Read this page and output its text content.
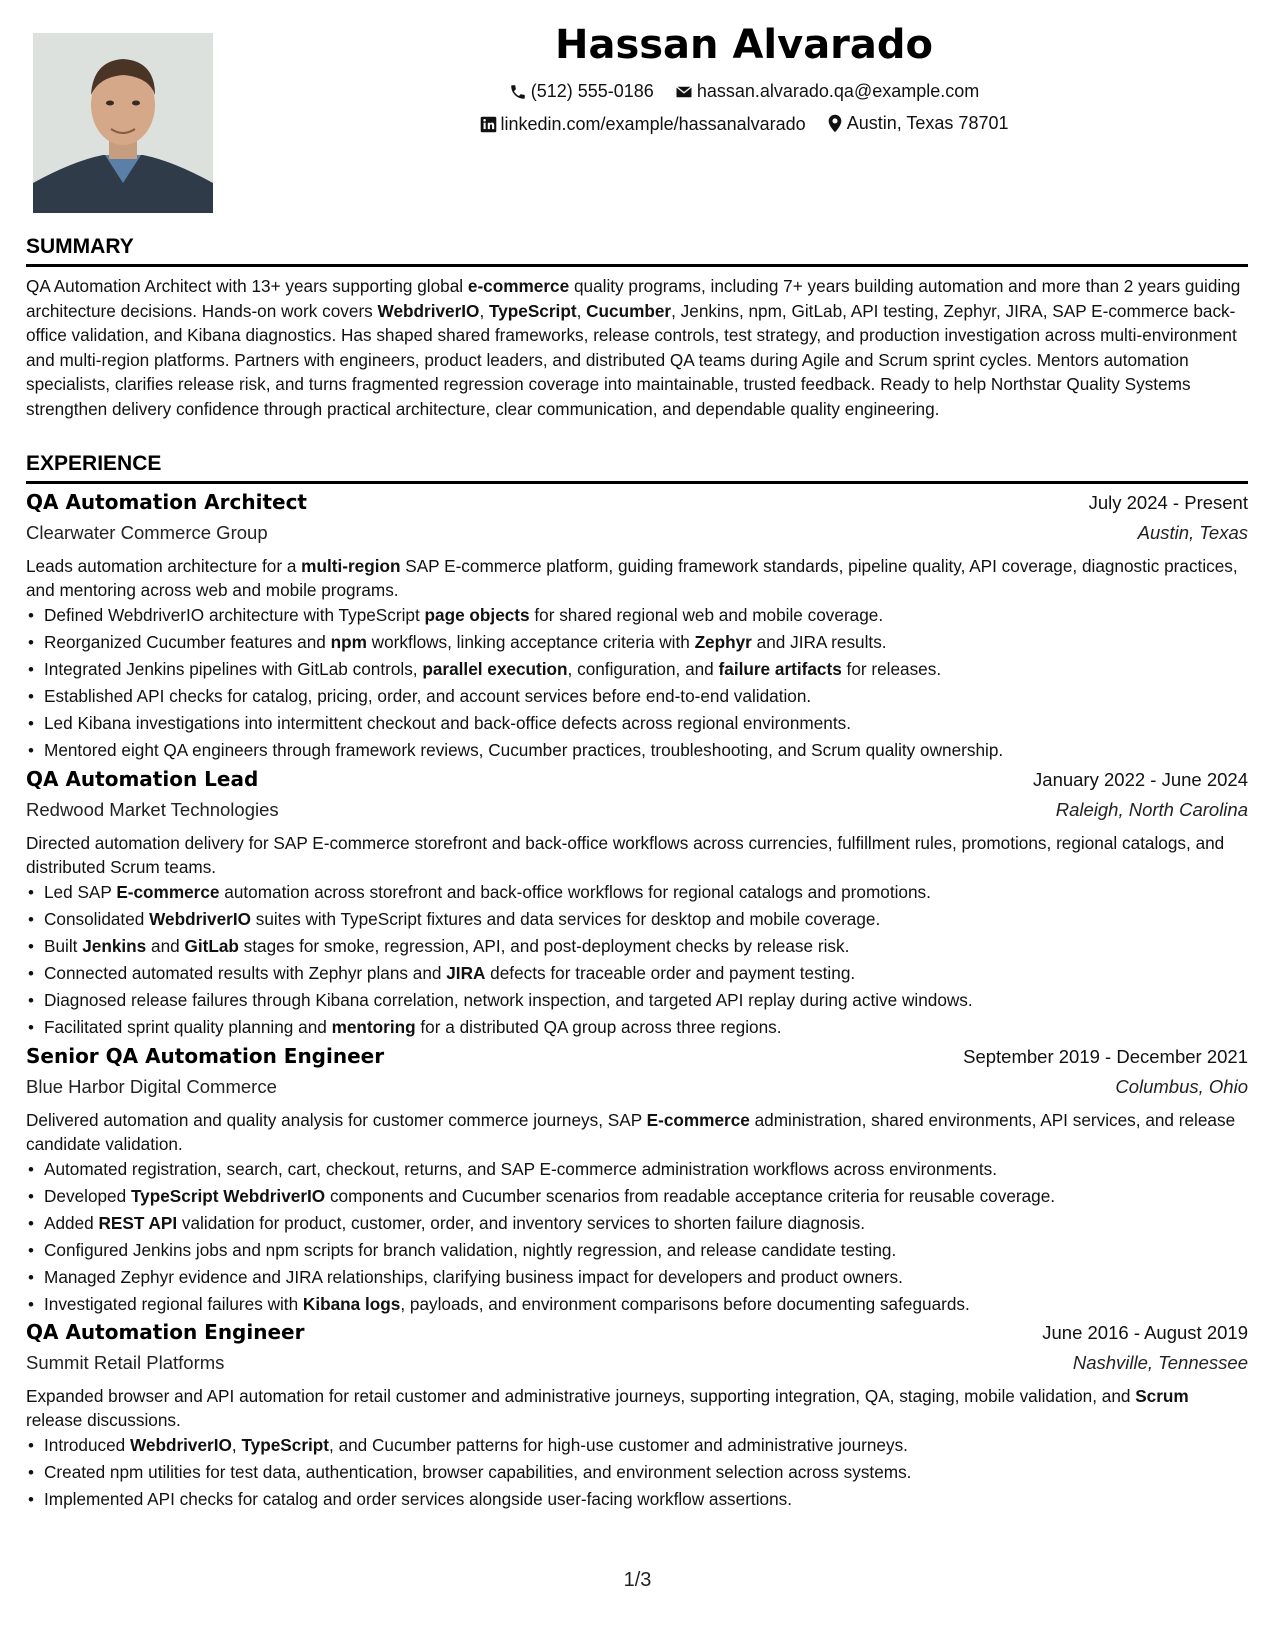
Hassan Alvarado
(512) 555-0186
hassan.alvarado.qa@example.com
linkedin.com/example/hassanalvarado
Austin, Texas 78701
SUMMARY
QA Automation Architect with 13+ years supporting global e-commerce quality programs, including 7+ years building automation and more than 2 years guiding architecture decisions. Hands-on work covers WebdriverIO, TypeScript, Cucumber, Jenkins, npm, GitLab, API testing, Zephyr, JIRA, SAP E-commerce back-office validation, and Kibana diagnostics. Has shaped shared frameworks, release controls, test strategy, and production investigation across multi-environment and multi-region platforms. Partners with engineers, product leaders, and distributed QA teams during Agile and Scrum sprint cycles. Mentors automation specialists, clarifies release risk, and turns fragmented regression coverage into maintainable, trusted feedback. Ready to help Northstar Quality Systems strengthen delivery confidence through practical architecture, clear communication, and dependable quality engineering.
EXPERIENCE
QA Automation Architect	July 2024 - Present
Clearwater Commerce Group	Austin, Texas
Leads automation architecture for a multi-region SAP E-commerce platform, guiding framework standards, pipeline quality, API coverage, diagnostic practices, and mentoring across web and mobile programs.
• Defined WebdriverIO architecture with TypeScript page objects for shared regional web and mobile coverage.
• Reorganized Cucumber features and npm workflows, linking acceptance criteria with Zephyr and JIRA results.
• Integrated Jenkins pipelines with GitLab controls, parallel execution, configuration, and failure artifacts for releases.
• Established API checks for catalog, pricing, order, and account services before end-to-end validation.
• Led Kibana investigations into intermittent checkout and back-office defects across regional environments.
• Mentored eight QA engineers through framework reviews, Cucumber practices, troubleshooting, and Scrum quality ownership.
QA Automation Lead	January 2022 - June 2024
Redwood Market Technologies	Raleigh, North Carolina
Directed automation delivery for SAP E-commerce storefront and back-office workflows across currencies, fulfillment rules, promotions, regional catalogs, and distributed Scrum teams.
• Led SAP E-commerce automation across storefront and back-office workflows for regional catalogs and promotions.
• Consolidated WebdriverIO suites with TypeScript fixtures and data services for desktop and mobile coverage.
• Built Jenkins and GitLab stages for smoke, regression, API, and post-deployment checks by release risk.
• Connected automated results with Zephyr plans and JIRA defects for traceable order and payment testing.
• Diagnosed release failures through Kibana correlation, network inspection, and targeted API replay during active windows.
• Facilitated sprint quality planning and mentoring for a distributed QA group across three regions.
Senior QA Automation Engineer	September 2019 - December 2021
Blue Harbor Digital Commerce	Columbus, Ohio
Delivered automation and quality analysis for customer commerce journeys, SAP E-commerce administration, shared environments, API services, and release candidate validation.
• Automated registration, search, cart, checkout, returns, and SAP E-commerce administration workflows across environments.
• Developed TypeScript WebdriverIO components and Cucumber scenarios from readable acceptance criteria for reusable coverage.
• Added REST API validation for product, customer, order, and inventory services to shorten failure diagnosis.
• Configured Jenkins jobs and npm scripts for branch validation, nightly regression, and release candidate testing.
• Managed Zephyr evidence and JIRA relationships, clarifying business impact for developers and product owners.
• Investigated regional failures with Kibana logs, payloads, and environment comparisons before documenting safeguards.
QA Automation Engineer	June 2016 - August 2019
Summit Retail Platforms	Nashville, Tennessee
Expanded browser and API automation for retail customer and administrative journeys, supporting integration, QA, staging, mobile validation, and Scrum release discussions.
• Introduced WebdriverIO, TypeScript, and Cucumber patterns for high-use customer and administrative journeys.
• Created npm utilities for test data, authentication, browser capabilities, and environment selection across systems.
• Implemented API checks for catalog and order services alongside user-facing workflow assertions.
1/3
